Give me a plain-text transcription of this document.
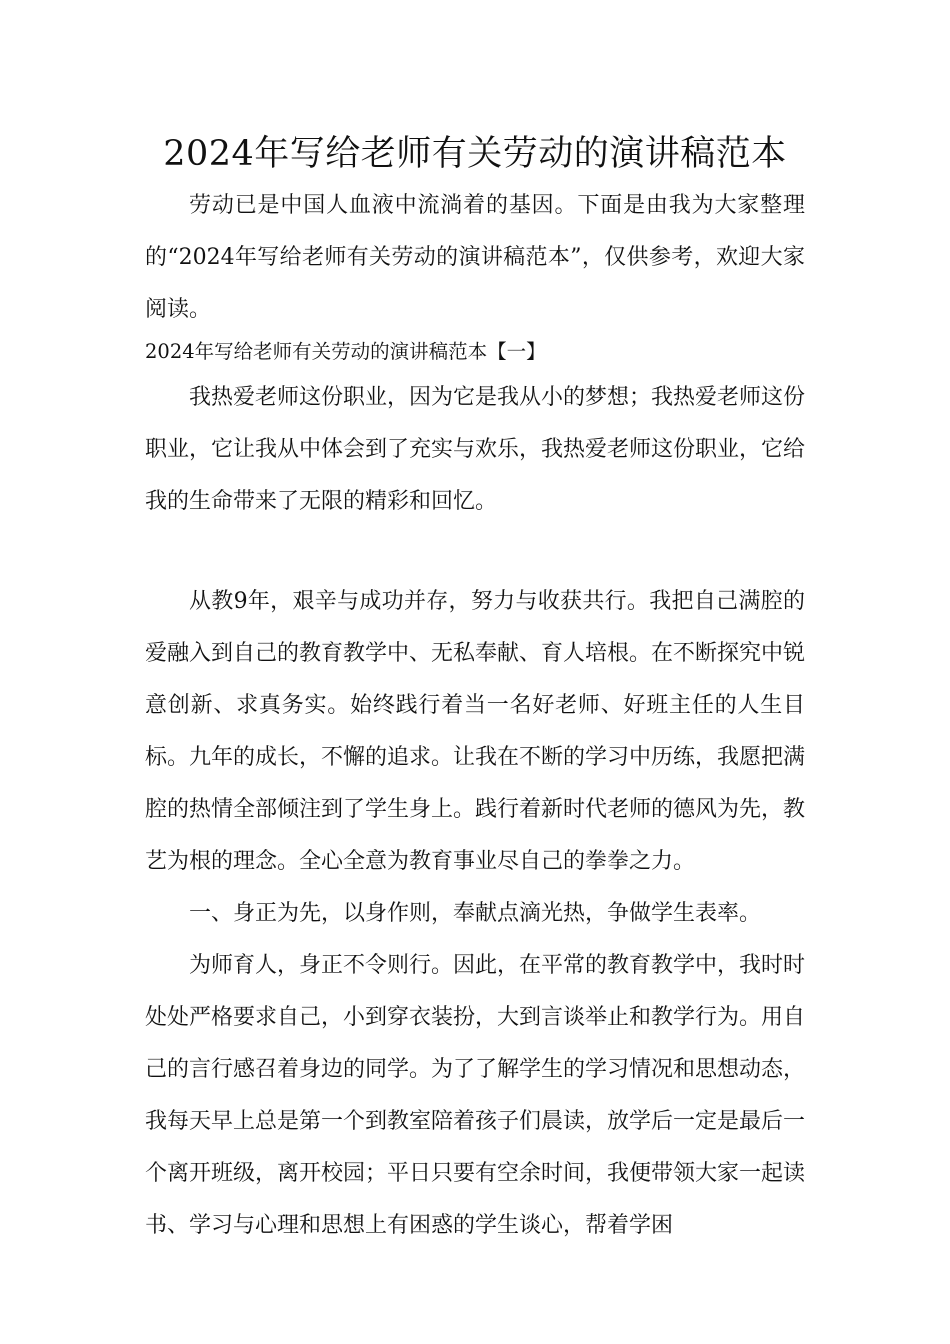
2024年写给老师有关劳动的演讲稿范本

劳动已是中国人血液中流淌着的基因。下面是由我为大家整理的“2024年写给老师有关劳动的演讲稿范本”，仅供参考，欢迎大家阅读。

2024年写给老师有关劳动的演讲稿范本【一】

我热爱老师这份职业，因为它是我从小的梦想；我热爱老师这份职业，它让我从中体会到了充实与欢乐，我热爱老师这份职业，它给我的生命带来了无限的精彩和回忆。

从教9年，艰辛与成功并存，努力与收获共行。我把自己满腔的爱融入到自己的教育教学中、无私奉献、育人培根。在不断探究中锐意创新、求真务实。始终践行着当一名好老师、好班主任的人生目标。九年的成长，不懈的追求。让我在不断的学习中历练，我愿把满腔的热情全部倾注到了学生身上。践行着新时代老师的德风为先，教艺为根的理念。全心全意为教育事业尽自己的拳拳之力。

一、身正为先，以身作则，奉献点滴光热，争做学生表率。

为师育人，身正不令则行。因此，在平常的教育教学中，我时时处处严格要求自己，小到穿衣装扮，大到言谈举止和教学行为。用自己的言行感召着身边的同学。为了了解学生的学习情况和思想动态，我每天早上总是第一个到教室陪着孩子们晨读，放学后一定是最后一个离开班级，离开校园；平日只要有空余时间，我便带领大家一起读书、学习与心理和思想上有困惑的学生谈心，帮着学困
